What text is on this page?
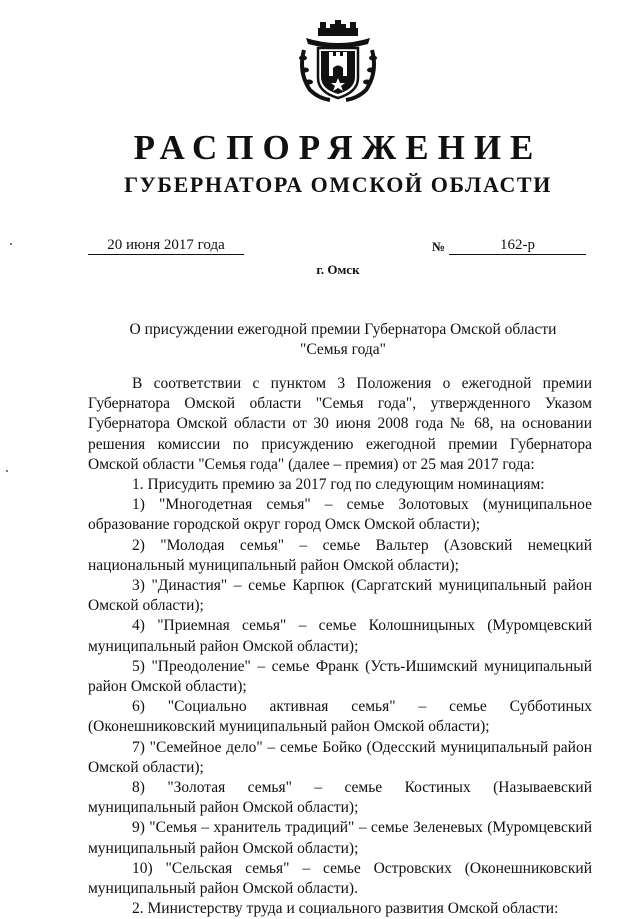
РАСПОРЯЖЕНИЕ
ГУБЕРНАТОРА ОМСКОЙ ОБЛАСТИ
20 июня 2017 года	№	162-р
г. Омск
О присуждении ежегодной премии Губернатора Омской области
"Семья года"

В соответствии с пунктом 3 Положения о ежегодной премии Губернатора Омской области "Семья года", утвержденного Указом Губернатора Омской области от 30 июня 2008 года № 68, на основании решения комиссии по присуждению ежегодной премии Губернатора Омской области "Семья года" (далее – премия) от 25 мая 2017 года:

1. Присудить премию за 2017 год по следующим номинациям:

1) "Многодетная семья" – семье Золотовых (муниципальное образование городской округ город Омск Омской области);

2) "Молодая семья" – семье Вальтер (Азовский немецкий национальный муниципальный район Омской области);

3) "Династия" – семье Карпюк (Саргатский муниципальный район Омской области);

4) "Приемная семья" – семье Колошницыных (Муромцевский муниципальный район Омской области);

5) "Преодоление" – семье Франк (Усть-Ишимский муниципальный район Омской области);

6) "Социально активная семья" – семье Субботиных (Оконешниковский муниципальный район Омской области);

7) "Семейное дело" – семье Бойко (Одесский муниципальный район Омской области);

8) "Золотая семья" – семье Костиных (Называевский муниципальный район Омской области);

9) "Семья – хранитель традиций" – семье Зеленевых (Муромцевский муниципальный район Омской области);

10) "Сельская семья" – семье Островских (Оконешниковский муниципальный район Омской области).

2. Министерству труда и социального развития Омской области:
